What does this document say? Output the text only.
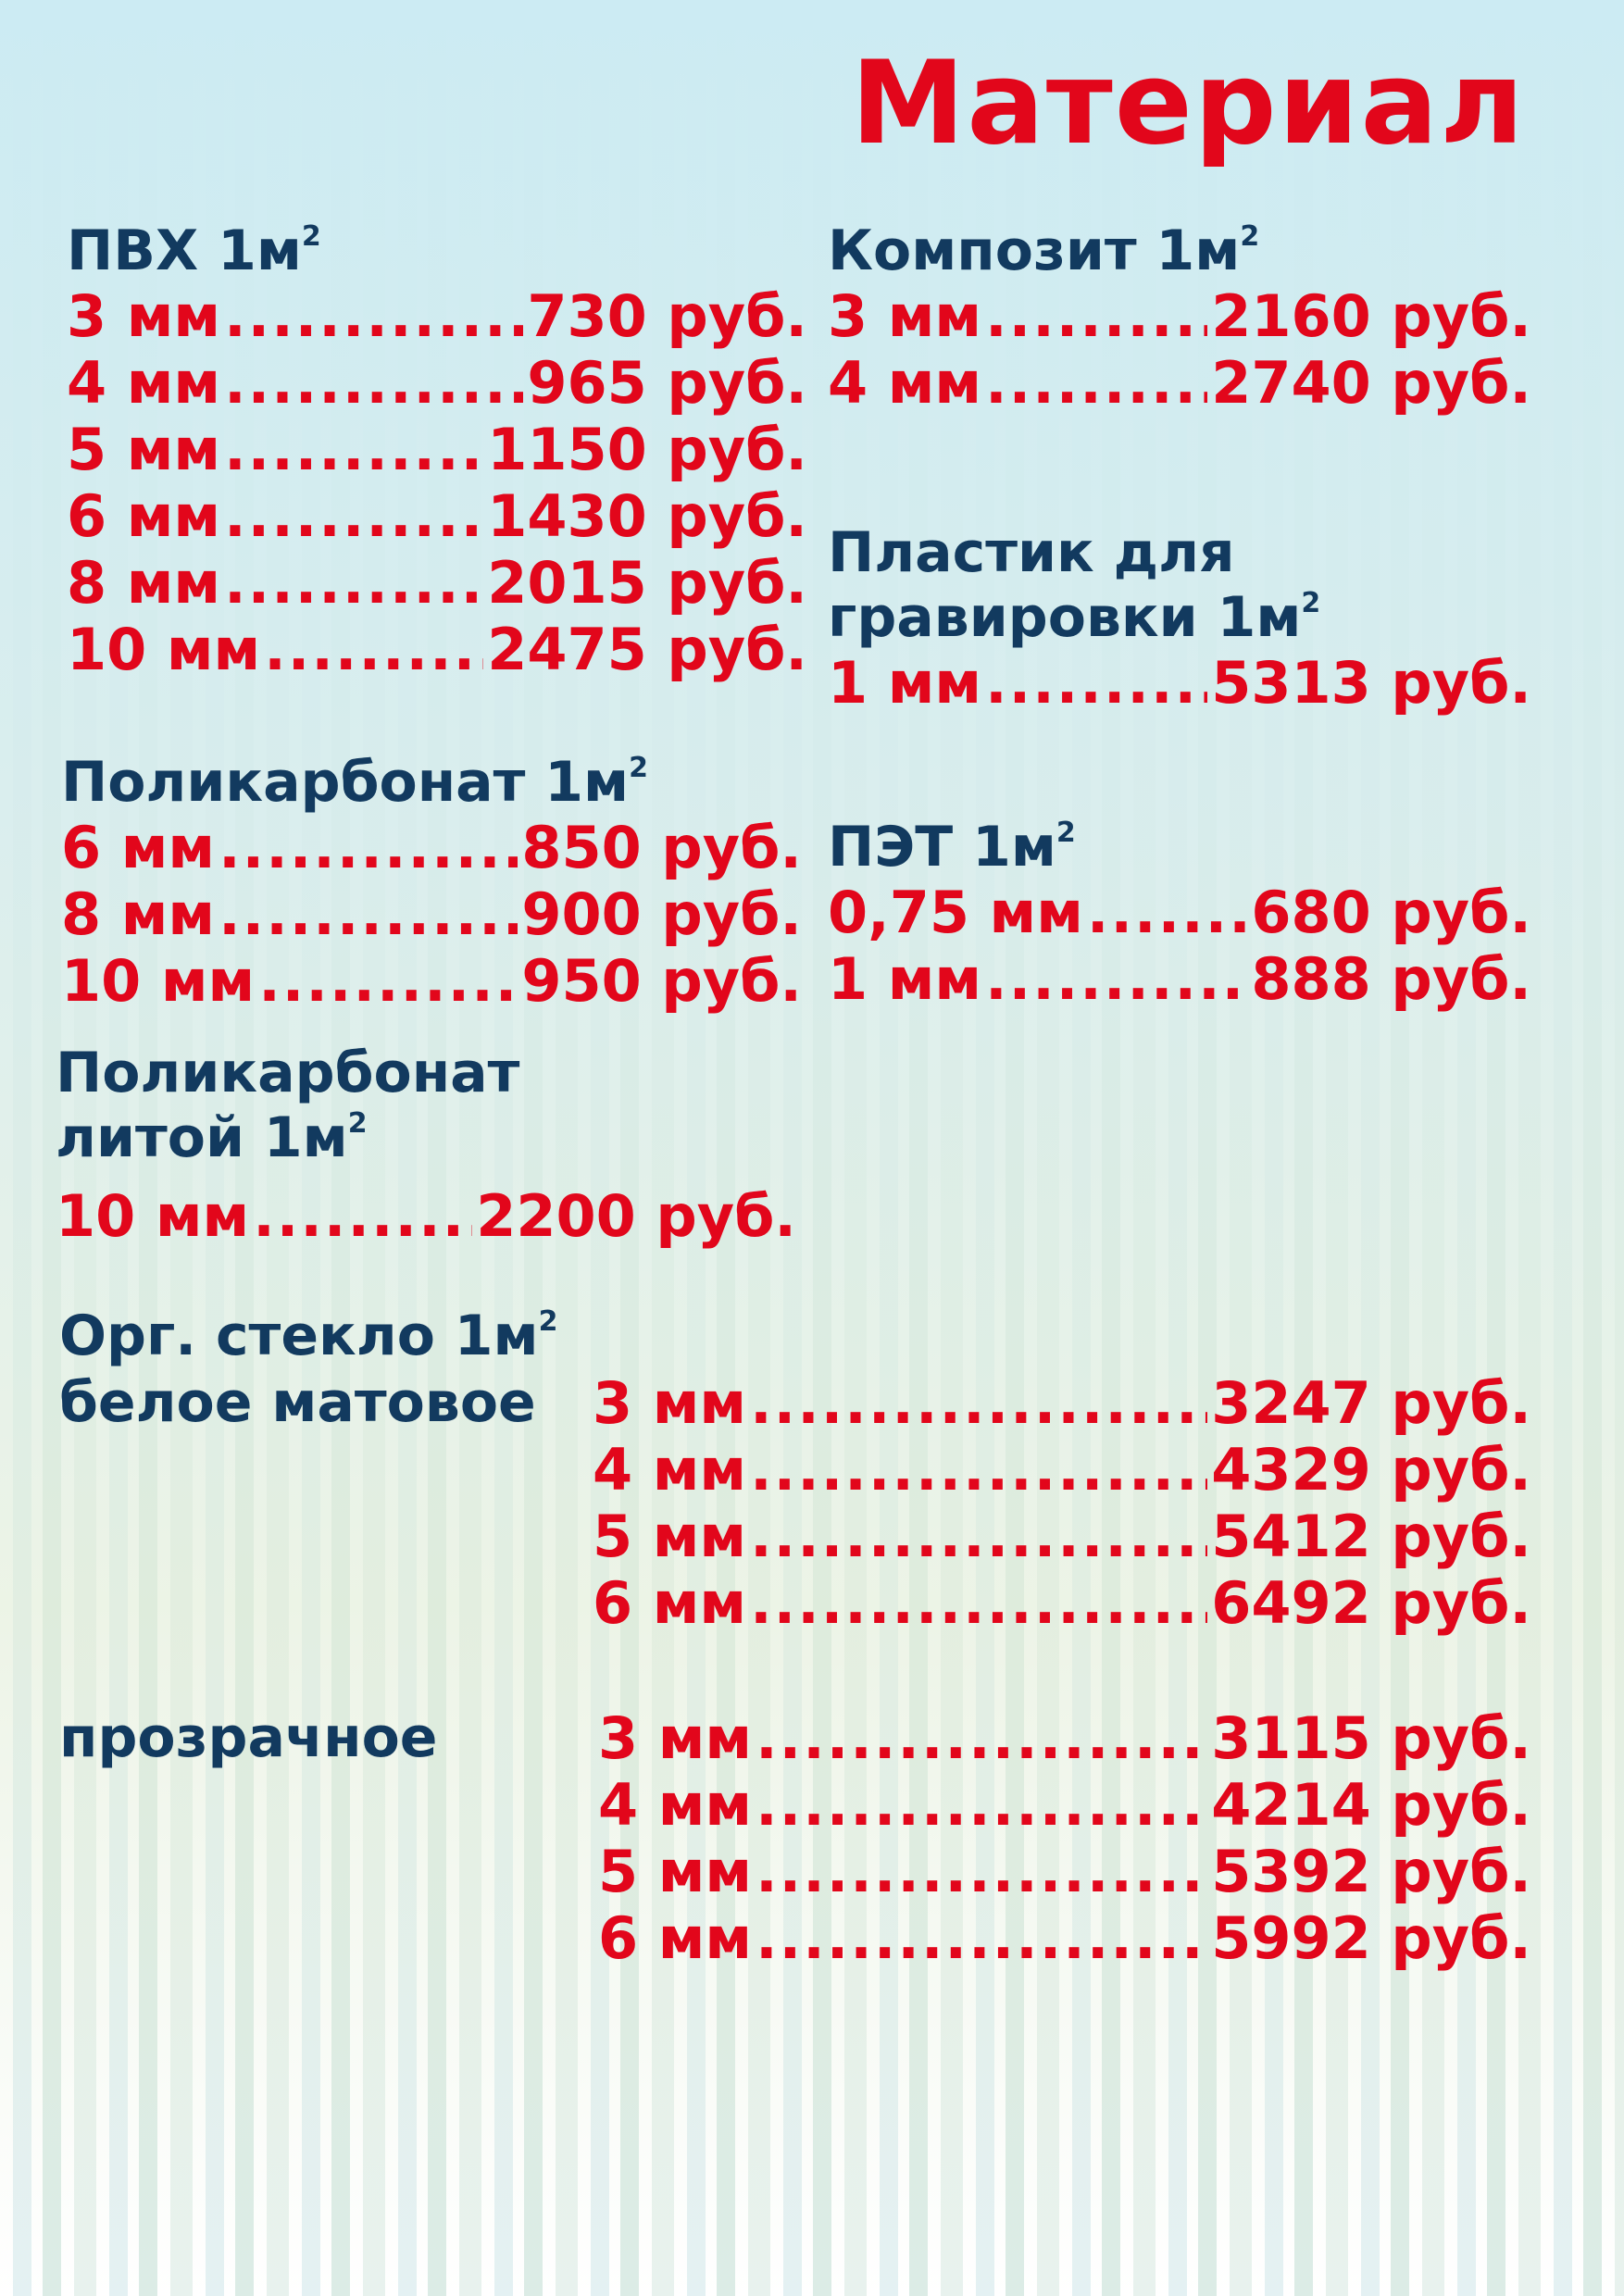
Материал

ПВХ $1м^2$

3 мм .....	730 руб.
4 мм .....	965 руб.
5 мм .....	1150 руб.
6 мм .....	1430 руб.
8 мм .....	2015 руб.
10 мм .....	2475 руб.

Композит $1м^2$

3 мм .....	2160 руб.
4 мм .....	2740 руб.

Пластик для

гравировки $1м^2$

1 мм .....	5313 руб.

Поликарбонат $1м^2$

6 мм .....	850 руб.
8 мм .....	900 руб.
10 мм .....	950 руб.

ПЭТ $1м^2$

0,75 мм .....	680 руб.
1 мм .....	888 руб.

Поликарбонат

литой $1м^2$

10 мм .....	2200 руб.

Орг. стекло $1м^2$

белое матовое 3 мм .....	3247 руб.
4 мм .....	4329 руб.
5 мм .....	5412 руб.
6 мм .....	6492 руб.

прозрачное	3 мм .....	3115 руб.
4 мм .....	4214 руб.
5 мм .....	5392 руб.
6 мм .....	5992 руб.
